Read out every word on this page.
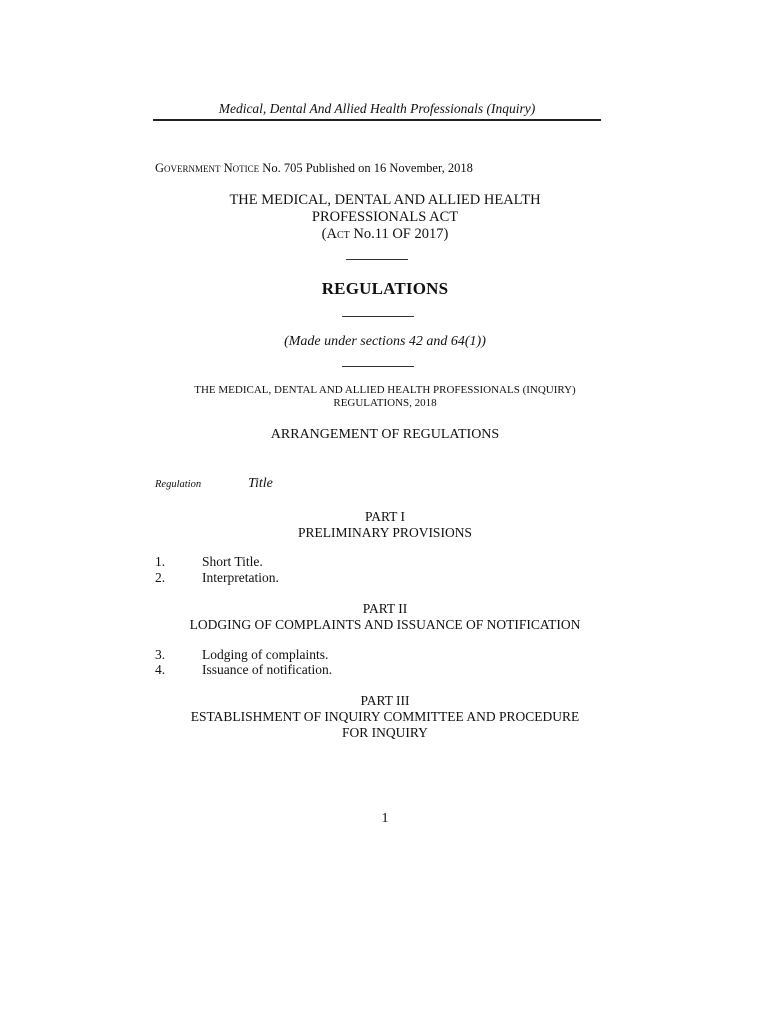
Medical, Dental And Allied Health Professionals (Inquiry)
Government Notice No. 705 Published on 16 November, 2018
THE MEDICAL, DENTAL AND ALLIED HEALTH
PROFESSIONALS ACT
(Act No.11 OF 2017)
REGULATIONS
(Made under sections 42 and 64(1))
THE MEDICAL, DENTAL AND ALLIED HEALTH PROFESSIONALS (INQUIRY)
REGULATIONS, 2018
ARRANGEMENT OF REGULATIONS
Regulation	Title
PART I
PRELIMINARY PROVISIONS
1.	Short Title.
2.	Interpretation.
PART II
LODGING OF COMPLAINTS AND ISSUANCE OF NOTIFICATION
3.	Lodging of complaints.
4.	Issuance of notification.
PART III
ESTABLISHMENT OF INQUIRY COMMITTEE AND PROCEDURE
FOR INQUIRY
1
